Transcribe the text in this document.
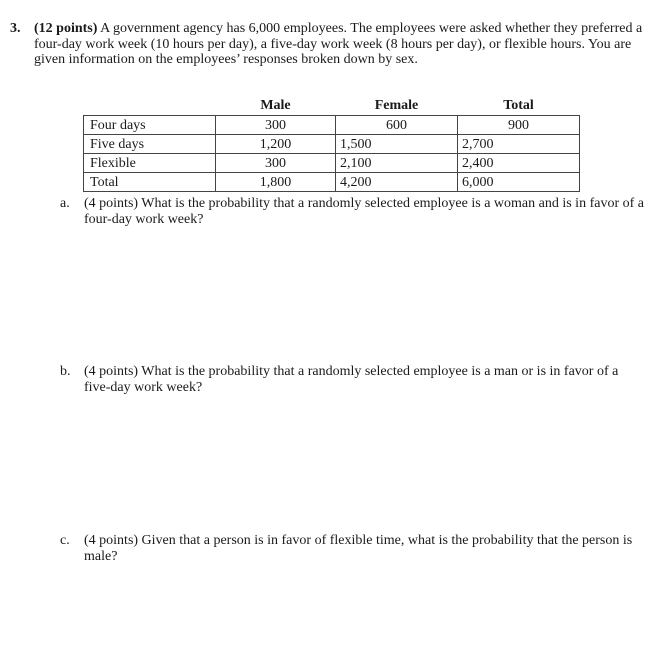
3. (12 points) A government agency has 6,000 employees. The employees were asked whether they preferred a four-day work week (10 hours per day), a five-day work week (8 hours per day), or flexible hours. You are given information on the employees’ responses broken down by sex.
	Male	Female	Total
Four days	300	600	900
Five days	1,200	1,500	2,700
Flexible	300	2,100	2,400
Total	1,800	4,200	6,000
a.	(4 points) What is the probability that a randomly selected employee is a woman and is in favor of a four-day work week?
b. (4 points) What is the probability that a randomly selected employee is a man or is in favor of a five-day work week?
c.	(4 points) Given that a person is in favor of flexible time, what is the probability that the person is male?
